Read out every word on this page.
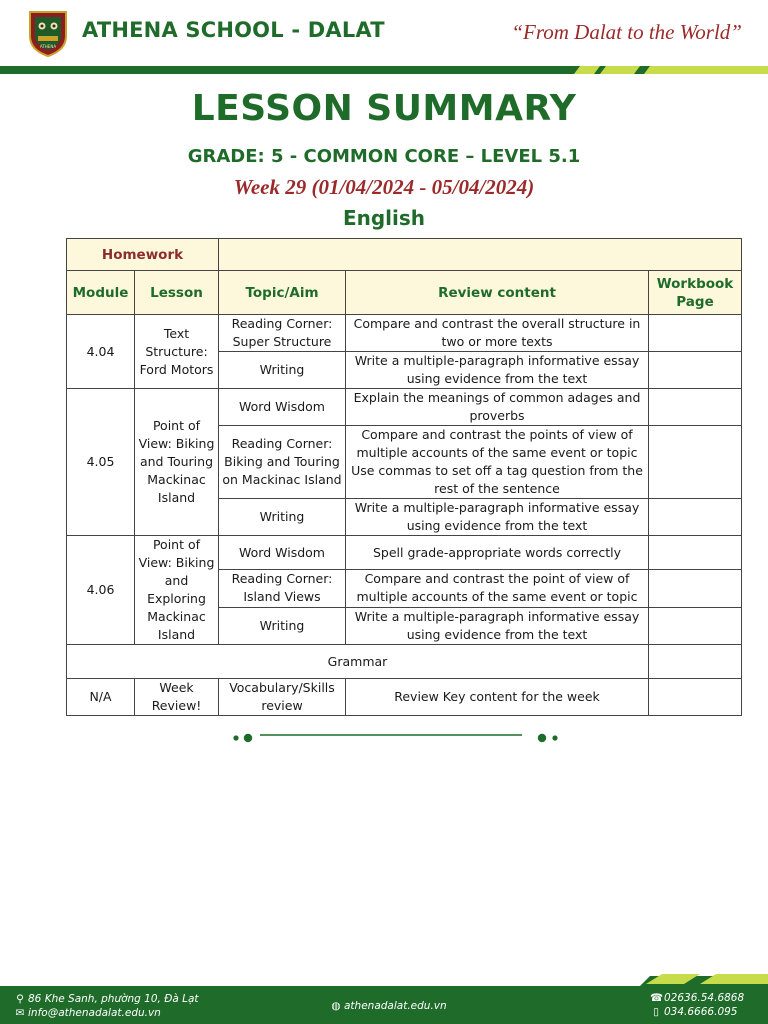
ATHENA
ATHENA SCHOOL - DALAT	“From Dalat to the World”
LESSON SUMMARY
GRADE: 5 - COMMON CORE – LEVEL 5.1
Week 29 (01/04/2024 - 05/04/2024)
English
Homework				
Module	Lesson	Topic/Aim	Review content	Workbook Page
4.04	Text Structure: Ford Motors	Reading Corner: Super Structure	Compare and contrast the overall structure in two or more texts	
		Writing	Write a multiple-paragraph informative essay using evidence from the text	
4.05	Point of View: Biking and Touring Mackinac Island	Word Wisdom	Explain the meanings of common adages and proverbs	
		Reading Corner: Biking and Touring on Mackinac Island	Compare and contrast the points of view of multiple accounts of the same event or topic Use commas to set off a tag question from the rest of the sentence	
		Writing	Write a multiple-paragraph informative essay using evidence from the text	
4.06	Point of View: Biking and Exploring Mackinac Island	Word Wisdom	Spell grade-appropriate words correctly	
		Reading Corner: Island Views	Compare and contrast the point of view of multiple accounts of the same event or topic	
		Writing	Write a multiple-paragraph informative essay using evidence from the text	
Grammar				
N/A	Week Review!	Vocabulary/Skills review	Review Key content for the week	
⚲ 86 Khe Sanh, phường 10, Đà Lạt
✉ info@athenadalat.edu.vn
◍ athenadalat.edu.vn
☎02636.54.6868
▯ 034.6666.095
